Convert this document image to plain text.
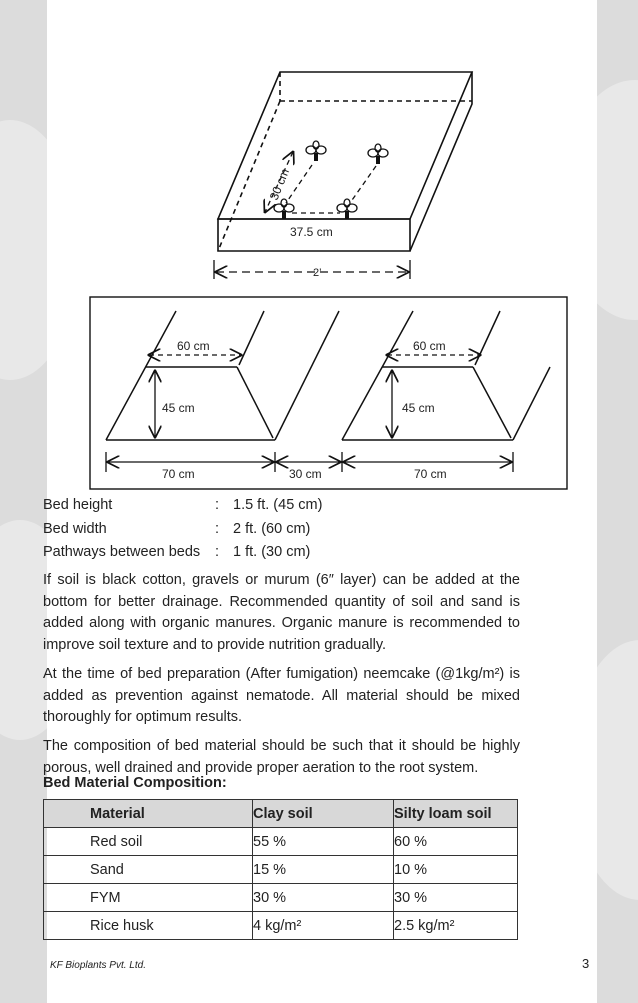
30 cm
37.5 cm
2’
60 cm
45 cm
70 cm	30 cm
60 cm
45 cm
70 cm
Bed height	: 1.5 ft. (45 cm)
Bed width	: 2 ft. (60 cm)
Pathways between beds	: 1 ft. (30 cm)

If soil is black cotton, gravels or murum (6″ layer) can be added at the bottom for better drainage. Recommended quantity of soil and sand is added along with organic manures. Organic manure is recommended to improve soil texture and to provide nutrition gradually.

At the time of bed preparation (After fumigation) neemcake (@1kg/m²) is added as prevention against nematode. All material should be mixed thoroughly for optimum results.

The composition of bed material should be such that it should be highly porous, well drained and provide proper aeration to the root system.

Bed Material Composition:
Material	Clay soil	Silty loam soil
Red soil	55 %	60 %
Sand	15 %	10 %
FYM	30 %	30 %
Rice husk	4 kg/m²	2.5 kg/m²
KF Bioplants Pvt. Ltd.	3
